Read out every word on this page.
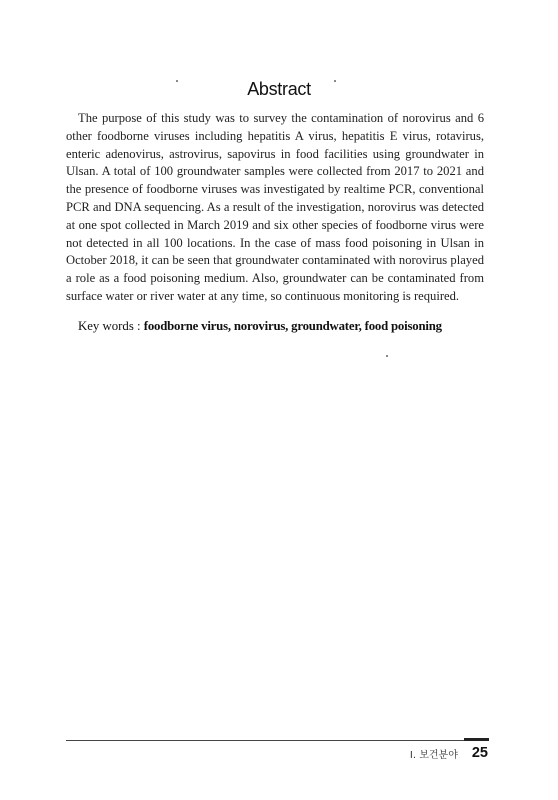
Abstract

The purpose of this study was to survey the contamination of norovirus and 6 other foodborne viruses including hepatitis A virus, hepatitis E virus, rotavirus, enteric adenovirus, astrovirus, sapovirus in food facilities using groundwater in Ulsan. A total of 100 groundwater samples were collected from 2017 to 2021 and the presence of foodborne viruses was investigated by realtime PCR, conventional PCR and DNA sequencing. As a result of the investigation, norovirus was detected at one spot collected in March 2019 and six other species of foodborne virus were not detected in all 100 locations. In the case of mass food poisoning in Ulsan in October 2018, it can be seen that groundwater contaminated with norovirus played a role as a food poisoning medium. Also, groundwater can be contaminated from surface water or river water at any time, so continuous monitoring is required.

Key words : foodborne virus, norovirus, groundwater, food poisoning

Ⅰ. 보건분야 25
